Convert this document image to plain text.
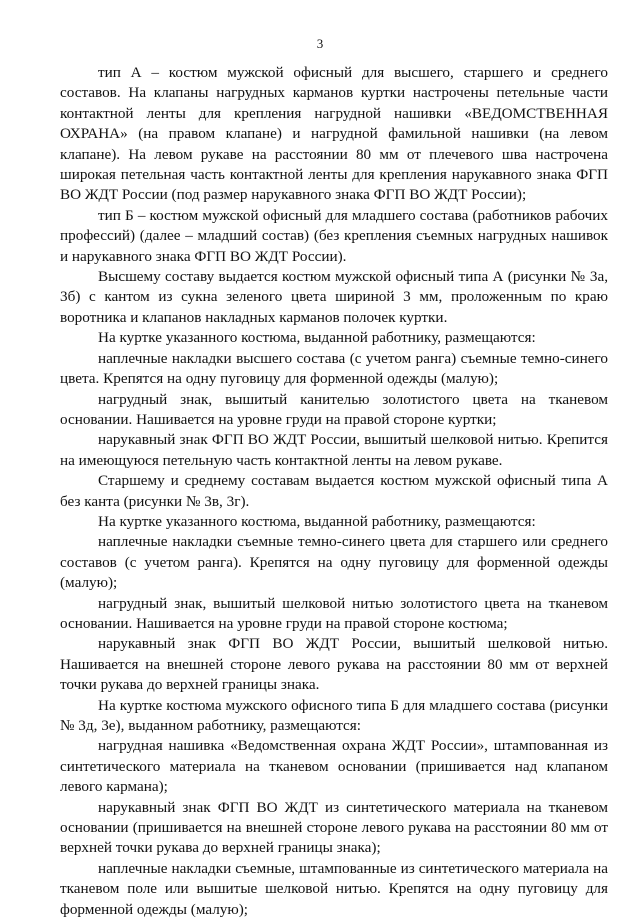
3

тип А – костюм мужской офисный для высшего, старшего и среднего составов. На клапаны нагрудных карманов куртки настрочены петельные части контактной ленты для крепления нагрудной нашивки «ВЕДОМСТВЕННАЯ ОХРАНА» (на правом клапане) и нагрудной фамильной нашивки (на левом клапане). На левом рукаве на расстоянии 80 мм от плечевого шва настрочена широкая петельная часть контактной ленты для крепления нарукавного знака ФГП ВО ЖДТ России (под размер нарукавного знака ФГП ВО ЖДТ России);

тип Б – костюм мужской офисный для младшего состава (работников рабочих профессий) (далее – младший состав) (без крепления съемных нагрудных нашивок и нарукавного знака ФГП ВО ЖДТ России).

Высшему составу выдается костюм мужской офисный типа А (рисунки № 3а, 3б) с кантом из сукна зеленого цвета шириной 3 мм, проложенным по краю воротника и клапанов накладных карманов полочек куртки.

На куртке указанного костюма, выданной работнику, размещаются:

наплечные накладки высшего состава (с учетом ранга) съемные темно-синего цвета. Крепятся на одну пуговицу для форменной одежды (малую);

нагрудный знак, вышитый канителью золотистого цвета на тканевом основании. Нашивается на уровне груди на правой стороне куртки;

нарукавный знак ФГП ВО ЖДТ России, вышитый шелковой нитью. Крепится на имеющуюся петельную часть контактной ленты на левом рукаве.

Старшему и среднему составам выдается костюм мужской офисный типа А без канта (рисунки № 3в, 3г).

На куртке указанного костюма, выданной работнику, размещаются:

наплечные накладки съемные темно-синего цвета для старшего или среднего составов (с учетом ранга). Крепятся на одну пуговицу для форменной одежды (малую);

нагрудный знак, вышитый шелковой нитью золотистого цвета на тканевом основании. Нашивается на уровне груди на правой стороне костюма;

нарукавный знак ФГП ВО ЖДТ России, вышитый шелковой нитью. Нашивается на внешней стороне левого рукава на расстоянии 80 мм от верхней точки рукава до верхней границы знака.

На куртке костюма мужского офисного типа Б для младшего состава (рисунки № 3д, 3е), выданном работнику, размещаются:

нагрудная нашивка «Ведомственная охрана ЖДТ России», штампованная из синтетического материала на тканевом основании (пришивается над клапаном левого кармана);

нарукавный знак ФГП ВО ЖДТ из синтетического материала на тканевом основании (пришивается на внешней стороне левого рукава на расстоянии 80 мм от верхней точки рукава до верхней границы знака);

наплечные накладки съемные, штампованные из синтетического материала на тканевом поле или вышитые шелковой нитью. Крепятся на одну пуговицу для форменной одежды (малую);
